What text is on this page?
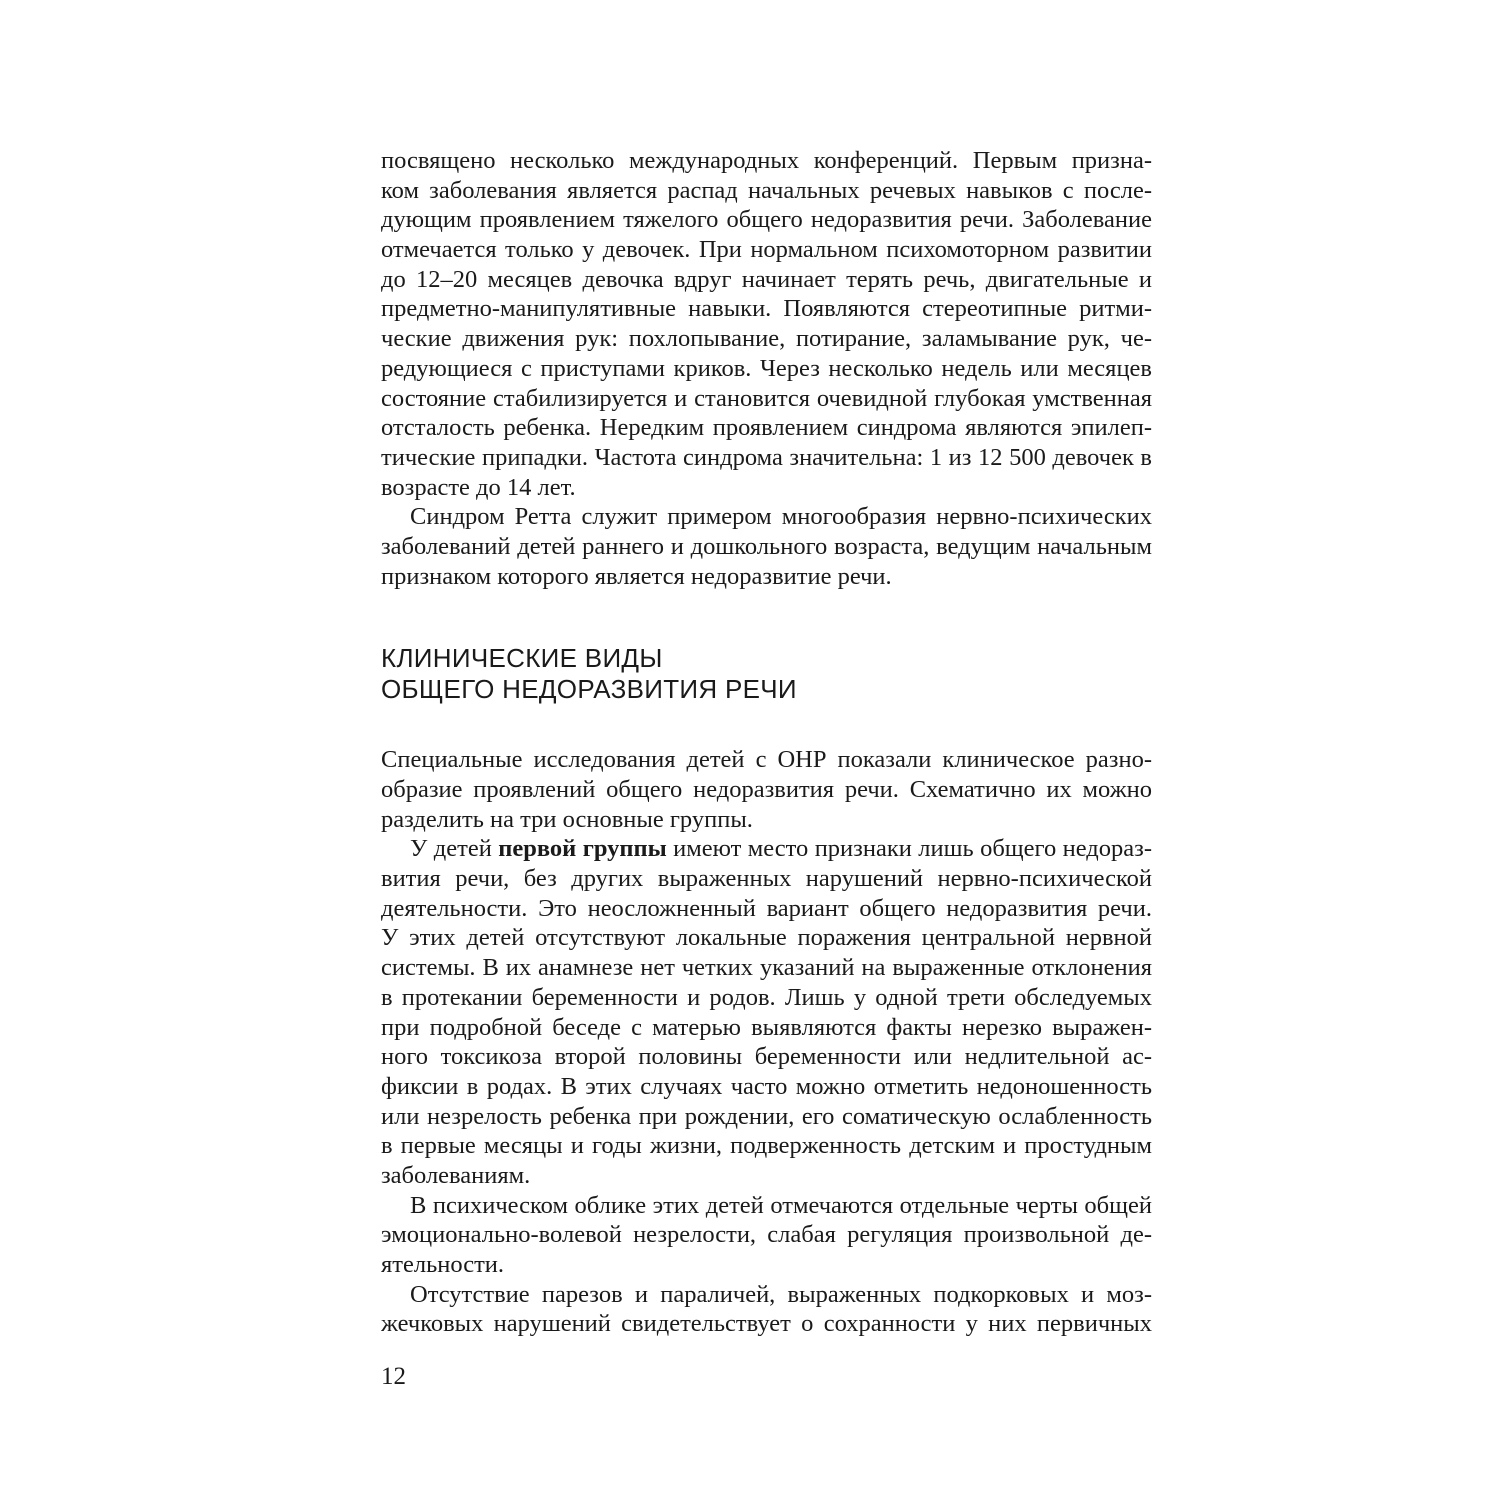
посвящено несколько международных конференций. Первым призна-
ком заболевания является распад начальных речевых навыков с после-
дующим проявлением тяжелого общего недоразвития речи. Заболевание
отмечается только у девочек. При нормальном психомоторном развитии
до 12–20 месяцев девочка вдруг начинает терять речь, двигательные и
предметно-манипулятивные навыки. Появляются стереотипные ритми-
ческие движения рук: похлопывание, потирание, заламывание рук, че-
редующиеся с приступами криков. Через несколько недель или месяцев
состояние стабилизируется и становится очевидной глубокая умственная
отсталость ребенка. Нередким проявлением синдрома являются эпилеп-
тические припадки. Частота синдрома значительна: 1 из 12 500 девочек в
возрасте до 14 лет.
Синдром Ретта служит примером многообразия нервно-психических
заболеваний детей раннего и дошкольного возраста, ведущим начальным
признаком которого является недоразвитие речи.
КЛИНИЧЕСКИЕ ВИДЫ
ОБЩЕГО НЕДОРАЗВИТИЯ РЕЧИ
Специальные исследования детей с ОНР показали клиническое разно-
образие проявлений общего недоразвития речи. Схематично их можно
разделить на три основные группы.
У детей первой группы имеют место признаки лишь общего недораз-
вития речи, без других выраженных нарушений нервно-психической
деятельности. Это неосложненный вариант общего недоразвития речи.
У этих детей отсутствуют локальные поражения центральной нервной
системы. В их анамнезе нет четких указаний на выраженные отклонения
в протекании беременности и родов. Лишь у одной трети обследуемых
при подробной беседе с матерью выявляются факты нерезко выражен-
ного токсикоза второй половины беременности или недлительной ас-
фиксии в родах. В этих случаях часто можно отметить недоношенность
или незрелость ребенка при рождении, его соматическую ослабленность
в первые месяцы и годы жизни, подверженность детским и простудным
заболеваниям.
В психическом облике этих детей отмечаются отдельные черты общей
эмоционально-волевой незрелости, слабая регуляция произвольной де-
ятельности.
Отсутствие парезов и параличей, выраженных подкорковых и моз-
жечковых нарушений свидетельствует о сохранности у них первичных
12
